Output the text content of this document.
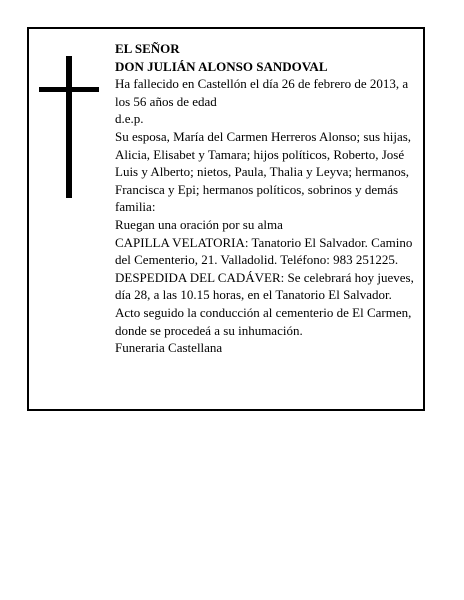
EL SEÑOR

DON JULIÁN ALONSO SANDOVAL

Ha fallecido en Castellón el día 26 de febrero de 2013, a los 56 años de edad

d.e.p.

Su esposa, María del Carmen Herreros Alonso; sus hijas, Alicia, Elisabet y Tamara; hijos políticos, Roberto, José Luis y Alberto; nietos, Paula, Thalia y Leyva; hermanos, Francisca y Epi; hermanos políticos, sobrinos y demás familia:

Ruegan una oración por su alma

CAPILLA VELATORIA: Tanatorio El Salvador. Camino del Cementerio, 21. Valladolid. Teléfono: 983 251225.

DESPEDIDA DEL CADÁVER: Se celebrará hoy jueves, día 28, a las 10.15 horas, en el Tanatorio El Salvador. Acto seguido la conducción al cementerio de El Carmen, donde se procedeá a su inhumación.

Funeraria Castellana
